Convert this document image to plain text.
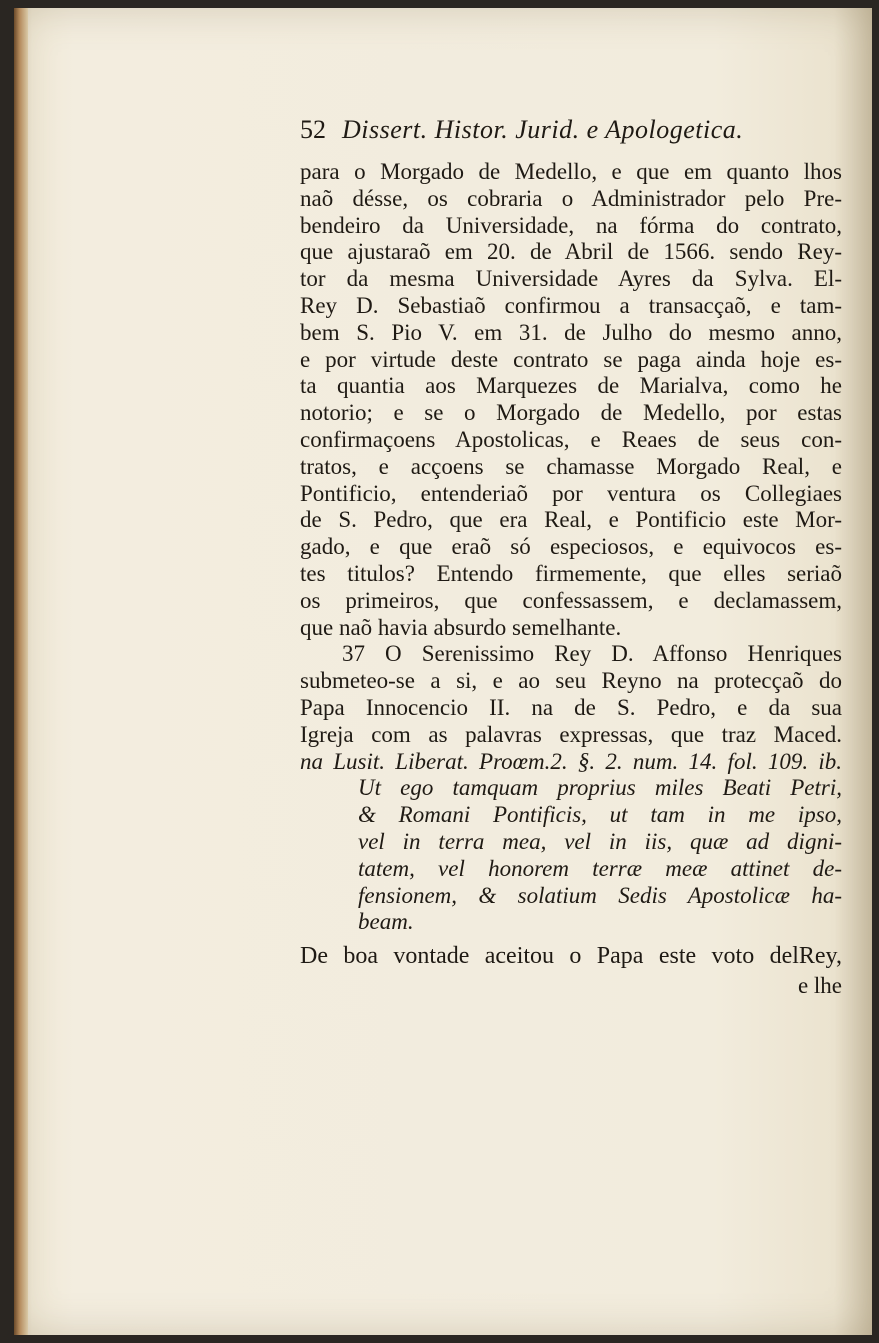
52 Dissert. Histor. Jurid. e Apologetica.
para o Morgado de Medello, e que em quanto lhos
naõ désse, os cobraria o Administrador pelo Pre-
bendeiro da Universidade, na fórma do contrato,
que ajustaraõ em 20. de Abril de 1566. sendo Rey-
tor da mesma Universidade Ayres da Sylva. El-
Rey D. Sebastiaõ confirmou a transacçaõ, e tam-
bem S. Pio V. em 31. de Julho do mesmo anno,
e por virtude deste contrato se paga ainda hoje es-
ta quantia aos Marquezes de Marialva, como he
notorio; e se o Morgado de Medello, por estas
confirmaçoens Apostolicas, e Reaes de seus con-
tratos, e acçoens se chamasse Morgado Real, e
Pontificio, entenderiaõ por ventura os Collegiaes
de S. Pedro, que era Real, e Pontificio este Mor-
gado, e que eraõ só especiosos, e equivocos es-
tes titulos? Entendo firmemente, que elles seriaõ
os primeiros, que confessassem, e declamassem,
que naõ havia absurdo semelhante.
37 O Serenissimo Rey D. Affonso Henriques
submeteo-se a si, e ao seu Reyno na protecçaõ do
Papa Innocencio II. na de S. Pedro, e da sua
Igreja com as palavras expressas, que traz Maced.
na Lusit. Liberat. Proœm.2. §. 2. num. 14. fol. 109. ib.
Ut ego tamquam proprius miles Beati Petri,
& Romani Pontificis, ut tam in me ipso,
vel in terra mea, vel in iis, quæ ad digni-
tatem, vel honorem terræ meæ attinet de-
fensionem, & solatium Sedis Apostolicæ ha-
beam.
De boa vontade aceitou o Papa este voto delRey,
e lhe
